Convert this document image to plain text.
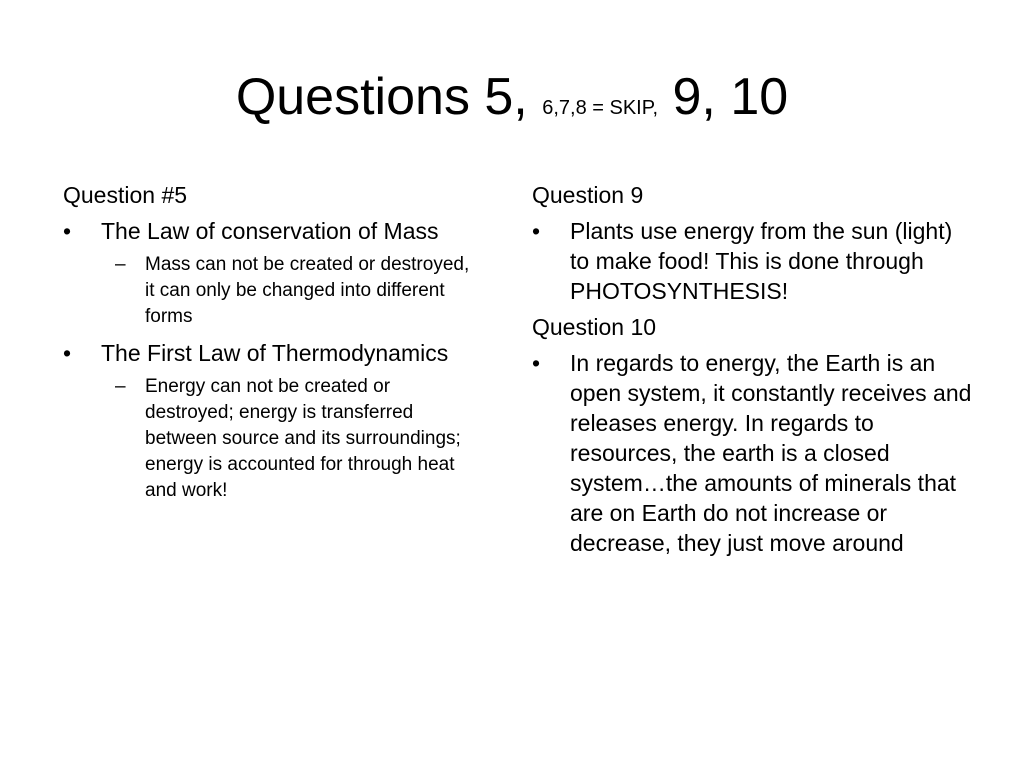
Questions 5, 6,7,8 = SKIP, 9, 10
Question #5
• The Law of conservation of Mass
– Mass can not be created or destroyed, it can only be changed into different forms
• The First Law of Thermodynamics
– Energy can not be created or destroyed; energy is transferred between source and its surroundings; energy is accounted for through heat and work!
Question 9
• Plants use energy from the sun (light) to make food! This is done through PHOTOSYNTHESIS!
Question 10
• In regards to energy, the Earth is an open system, it constantly receives and releases energy. In regards to resources, the earth is a closed system…the amounts of minerals that are on Earth do not increase or decrease, they just move around
